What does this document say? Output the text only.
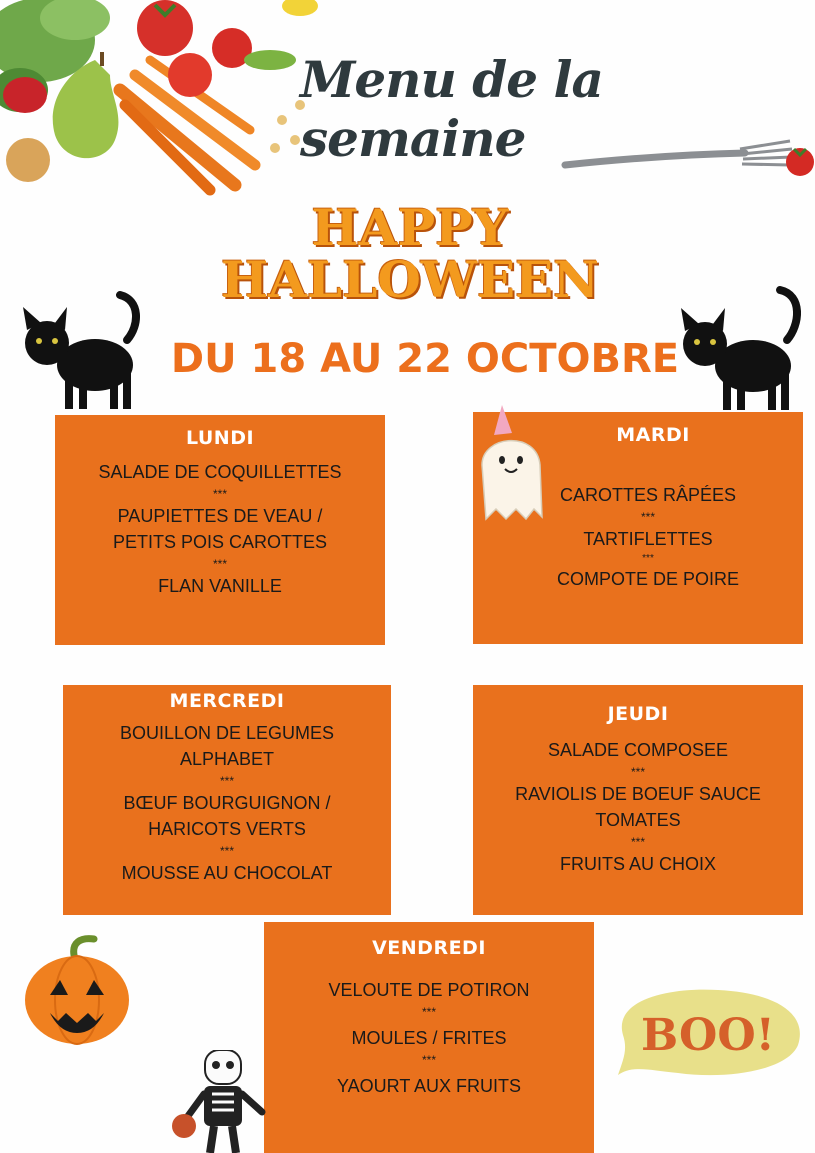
Menu de la semaine
HAPPY
HALLOWEEN
DU 18 AU 22 OCTOBRE
LUNDI
SALADE DE COQUILLETTES
***
PAUPIETTES DE VEAU /
PETITS POIS CAROTTES
***
FLAN VANILLE
MARDI
CAROTTES RÂPÉES
***
TARTIFLETTES
***
COMPOTE DE POIRE
MERCREDI
BOUILLON DE LEGUMES
ALPHABET
***
BŒUF BOURGUIGNON /
HARICOTS VERTS
***
MOUSSE AU CHOCOLAT
JEUDI
SALADE COMPOSEE
***
RAVIOLIS DE BOEUF SAUCE
TOMATES
***
FRUITS AU CHOIX
VENDREDI
VELOUTE DE POTIRON
***
MOULES / FRITES
***
YAOURT AUX FRUITS
BOO!
